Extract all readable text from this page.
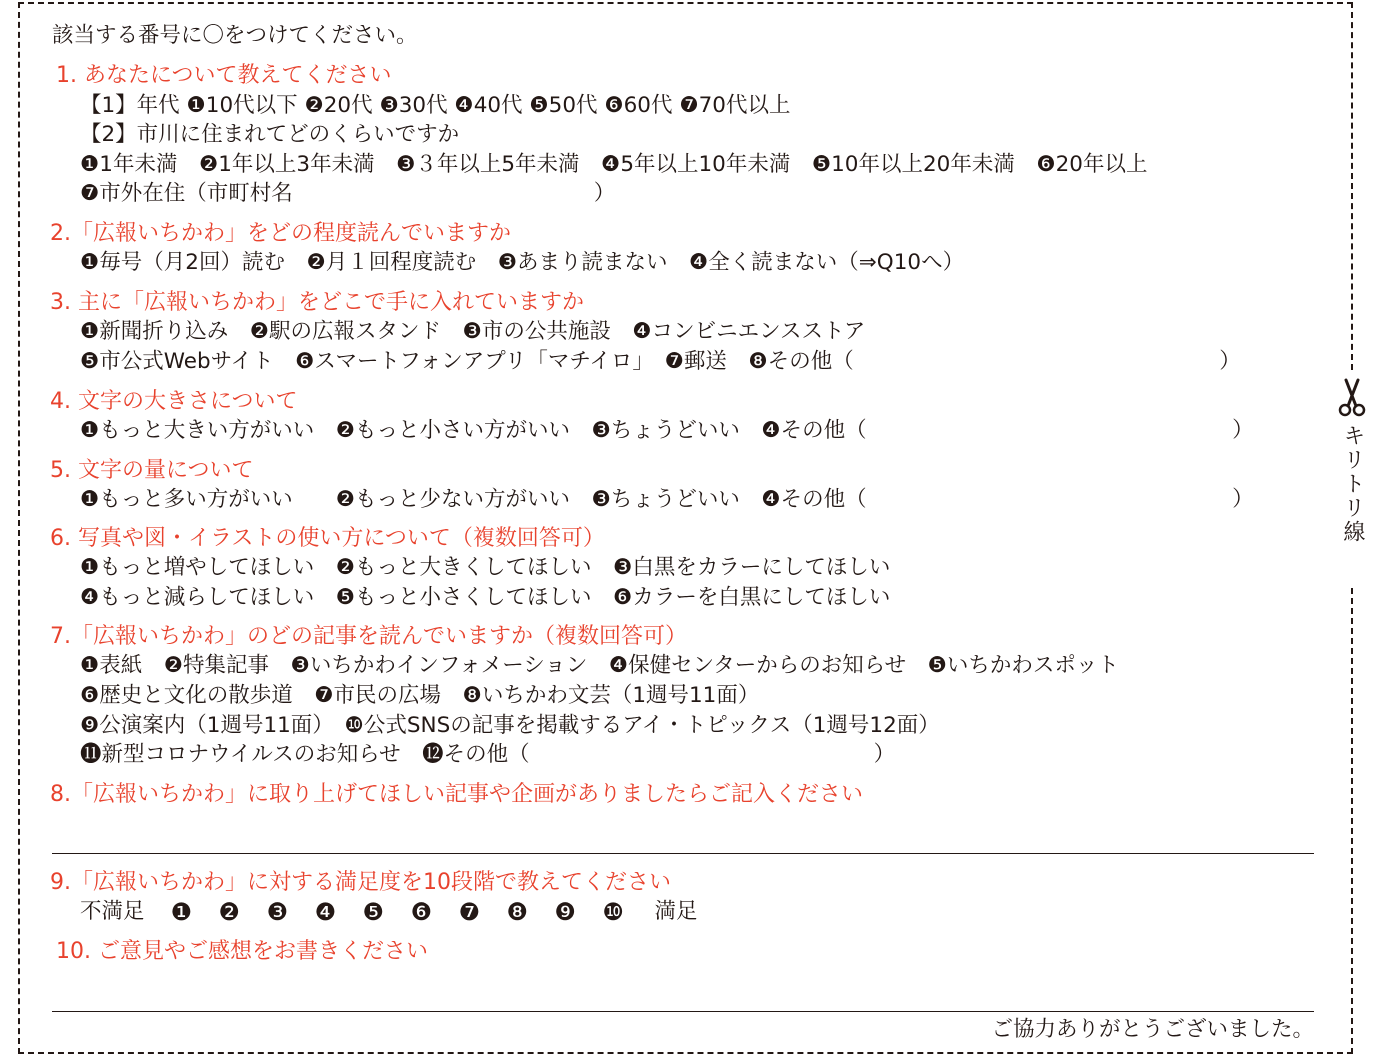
キリトリ線
該当する番号に〇をつけてください。
1. あなたについて教えてください
【1】年代 ❶10代以下 ❷20代 ❸30代 ❹40代 ❺50代 ❻60代 ❼70代以上
【2】市川に住まれてどのくらいですか
❶1年未満　❷1年以上3年未満　❸３年以上5年未満　❹5年以上10年未満　❺10年以上20年未満　❻20年以上
❼市外在住（市町村名　　　　　　　　　　　　　　）
2.「広報いちかわ」をどの程度読んでいますか
❶毎号（月2回）読む　❷月１回程度読む　❸あまり読まない　❹全く読まない（⇒Q10へ）
3. 主に「広報いちかわ」をどこで手に入れていますか
❶新聞折り込み　❷駅の広報スタンド　❸市の公共施設　❹コンビニエンスストア
❺市公式Webサイト　❻スマートフォンアプリ「マチイロ」　❼郵送　❽その他（　　　　　　　　　　　　　　　　　）
4. 文字の大きさについて
❶もっと大きい方がいい　❷もっと小さい方がいい　❸ちょうどいい　❹その他（　　　　　　　　　　　　　　　　　）
5. 文字の量について
❶もっと多い方がいい　　❷もっと少ない方がいい　❸ちょうどいい　❹その他（　　　　　　　　　　　　　　　　　）
6. 写真や図・イラストの使い方について（複数回答可）
❶もっと増やしてほしい　❷もっと大きくしてほしい　❸白黒をカラーにしてほしい
❹もっと減らしてほしい　❺もっと小さくしてほしい　❻カラーを白黒にしてほしい
7.「広報いちかわ」のどの記事を読んでいますか（複数回答可）
❶表紙　❷特集記事　❸いちかわインフォメーション　❹保健センターからのお知らせ　❺いちかわスポット
❻歴史と文化の散歩道　❼市民の広場　❽いちかわ文芸（1週号11面）
❾公演案内（1週号11面）　❿公式SNSの記事を掲載するアイ・トピックス（1週号12面）
⓫新型コロナウイルスのお知らせ　⓬その他（　　　　　　　　　　　　　　　　）
8.「広報いちかわ」に取り上げてほしい記事や企画がありましたらご記入ください
9.「広報いちかわ」に対する満足度を10段階で教えてください
不満足 ❶	❷	❸	❹	❺	❻	❼	❽	❾	❿	満足
10. ご意見やご感想をお書きください
ご協力ありがとうございました。
